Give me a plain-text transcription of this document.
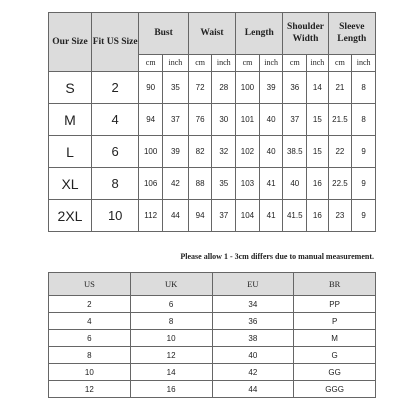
Our Size	Fit US Size	Bust		Waist		Length		Shoulder Width		Sleeve Length	
		cm	inch	cm	inch	cm	inch	cm	inch	cm	inch
S	2	90	35	72	28	100	39	36	14	21	8
M	4	94	37	76	30	101	40	37	15	21.5	8
L	6	100	39	82	32	102	40	38.5	15	22	9
XL	8	106	42	88	35	103	41	40	16	22.5	9
2XL	10	112	44	94	37	104	41	41.5	16	23	9
Please allow 1 - 3cm differs due to manual measurement.
US	UK	EU	BR
2	6	34	PP
4	8	36	P
6	10	38	M
8	12	40	G
10	14	42	GG
12	16	44	GGG
